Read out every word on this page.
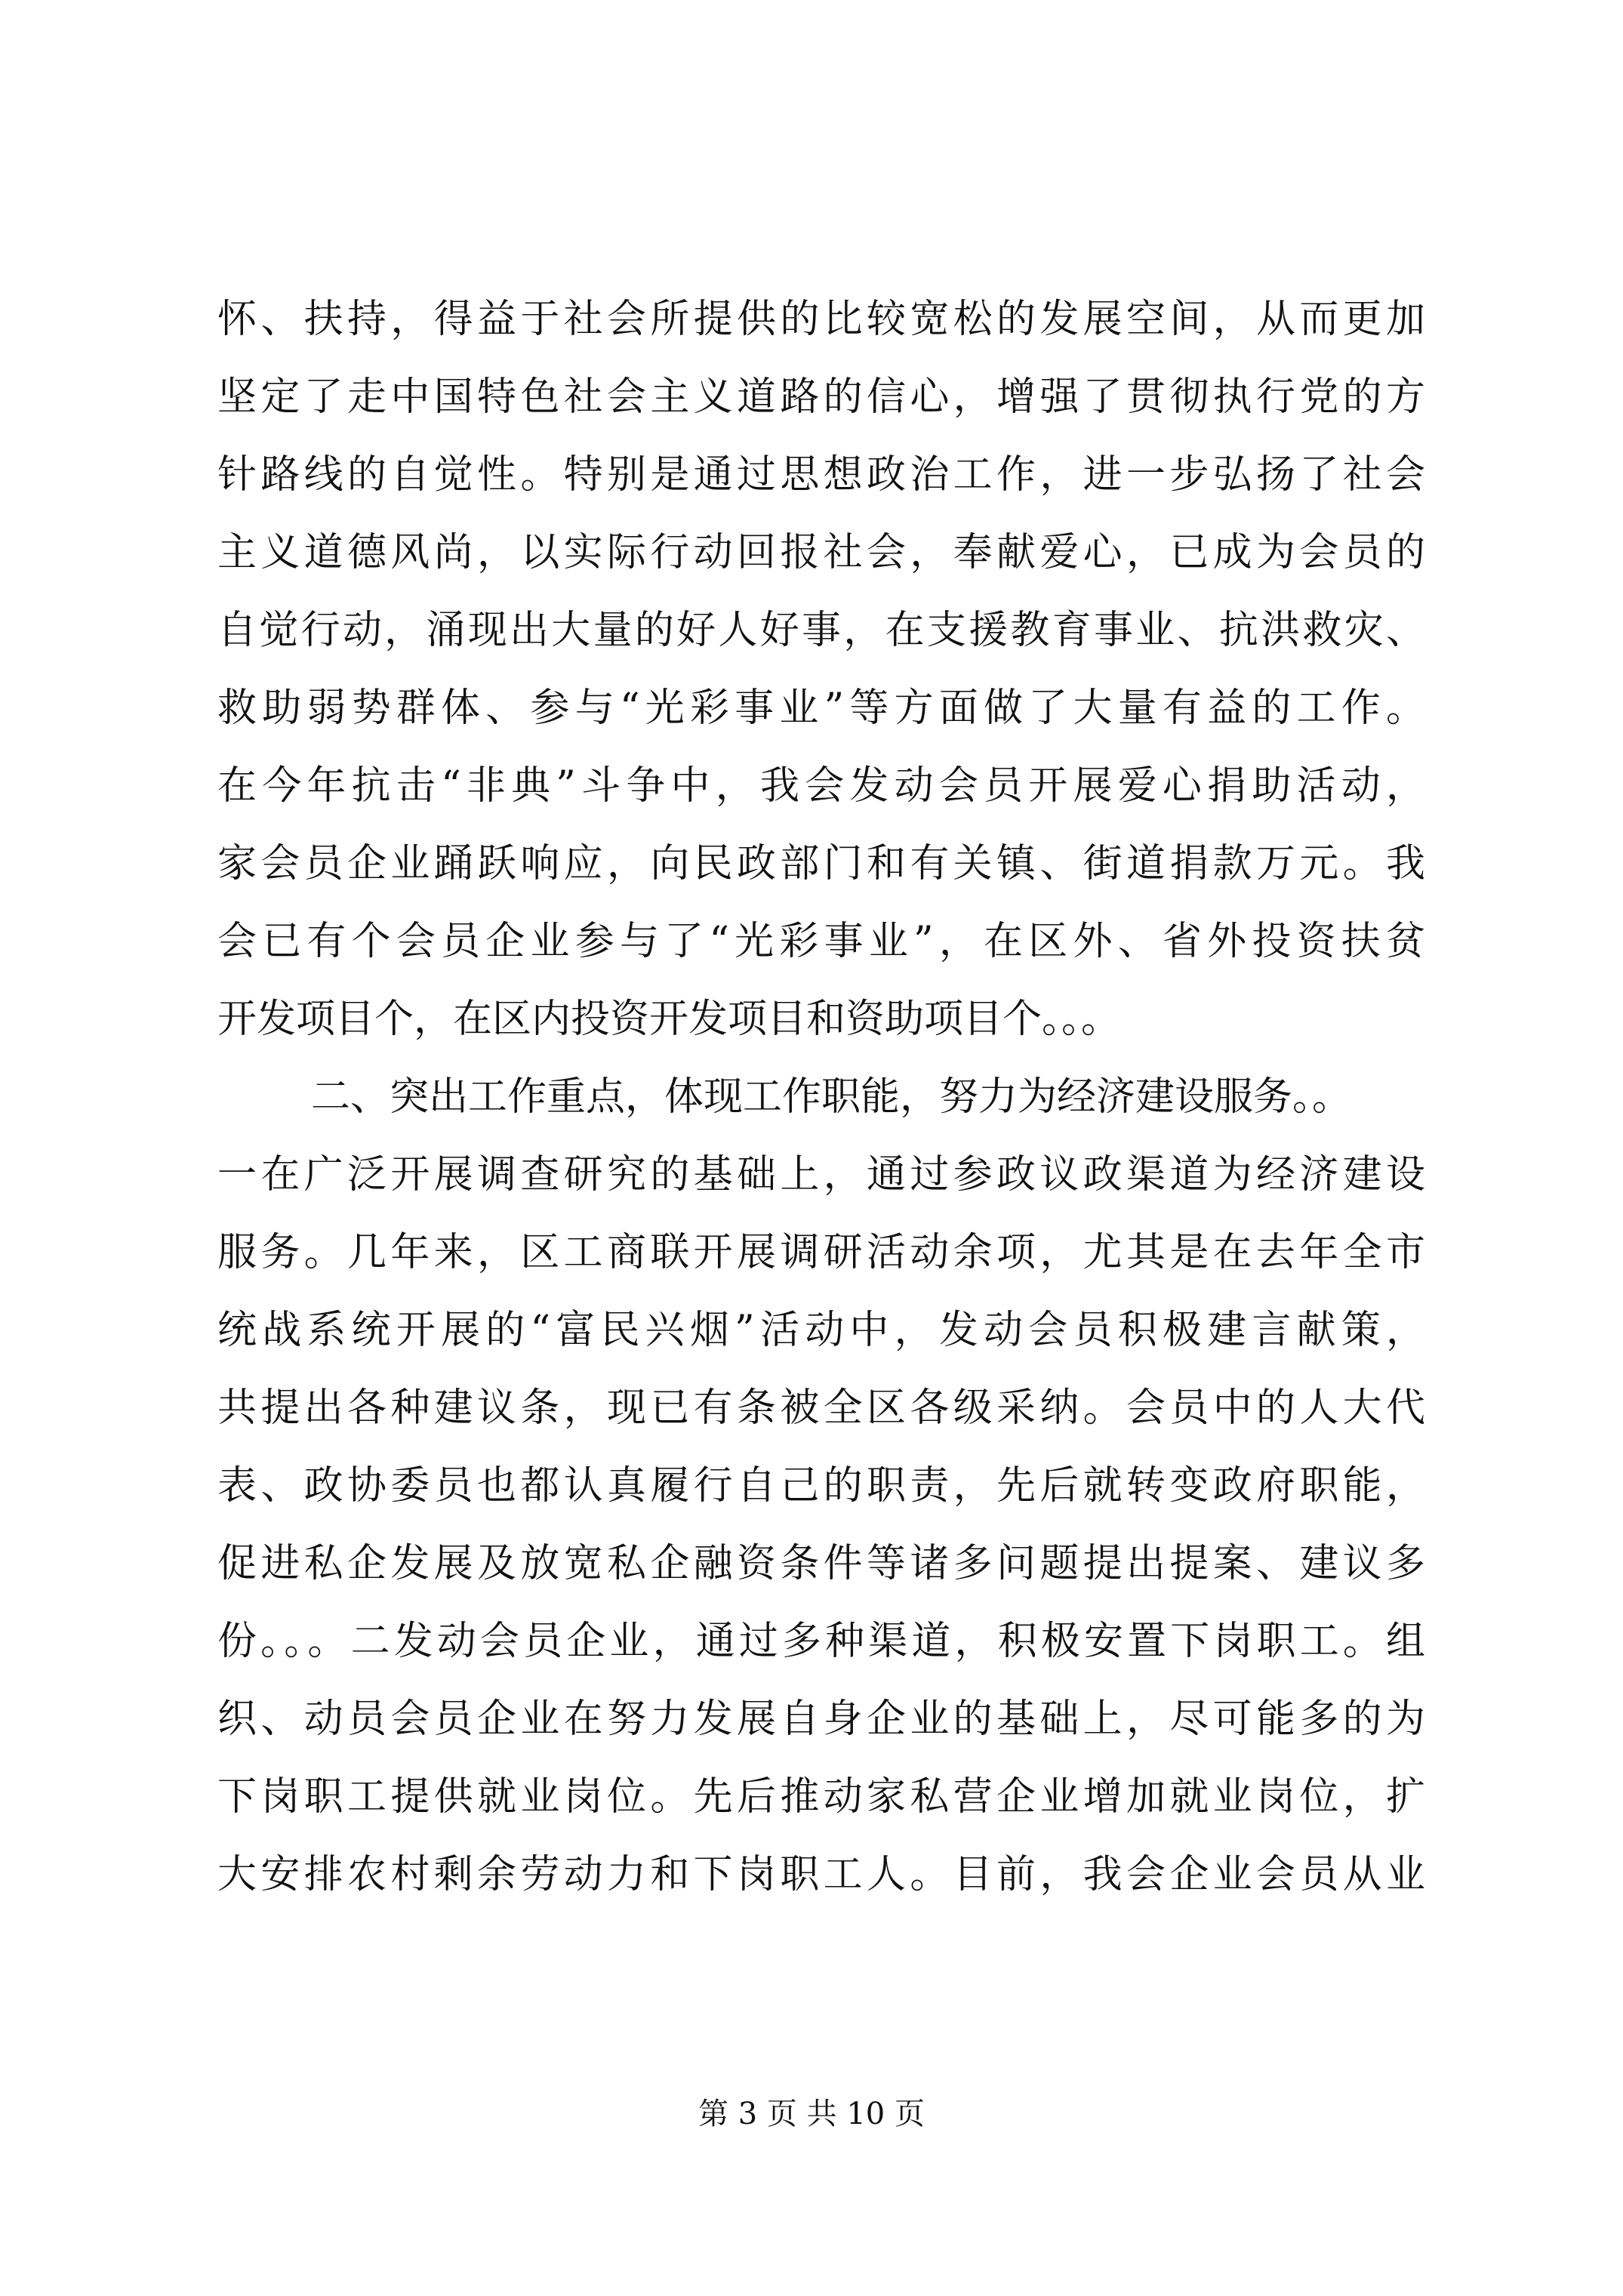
怀、扶持，得益于社会所提供的比较宽松的发展空间，从而更加
坚定了走中国特色社会主义道路的信心，增强了贯彻执行党的方
针路线的自觉性。特别是通过思想政治工作，进一步弘扬了社会
主义道德风尚，以实际行动回报社会，奉献爱心，已成为会员的
自觉行动，涌现出大量的好人好事，在支援教育事业、抗洪救灾、
救助弱势群体、参与“光彩事业”等方面做了大量有益的工作。
在今年抗击“非典”斗争中，我会发动会员开展爱心捐助活动，
家会员企业踊跃响应，向民政部门和有关镇、街道捐款万元。我
会已有个会员企业参与了“光彩事业”，在区外、省外投资扶贫
开发项目个，在区内投资开发项目和资助项目个。。。
二、突出工作重点，体现工作职能，努力为经济建设服务。。
一在广泛开展调查研究的基础上，通过参政议政渠道为经济建设
服务。几年来，区工商联开展调研活动余项，尤其是在去年全市
统战系统开展的“富民兴烟”活动中，发动会员积极建言献策，
共提出各种建议条，现已有条被全区各级采纳。会员中的人大代
表、政协委员也都认真履行自己的职责，先后就转变政府职能，
促进私企发展及放宽私企融资条件等诸多问题提出提案、建议多
份。。。二发动会员企业，通过多种渠道，积极安置下岗职工。组
织、动员会员企业在努力发展自身企业的基础上，尽可能多的为
下岗职工提供就业岗位。先后推动家私营企业增加就业岗位，扩
大安排农村剩余劳动力和下岗职工人。目前，我会企业会员从业
第 3 页 共 10 页
